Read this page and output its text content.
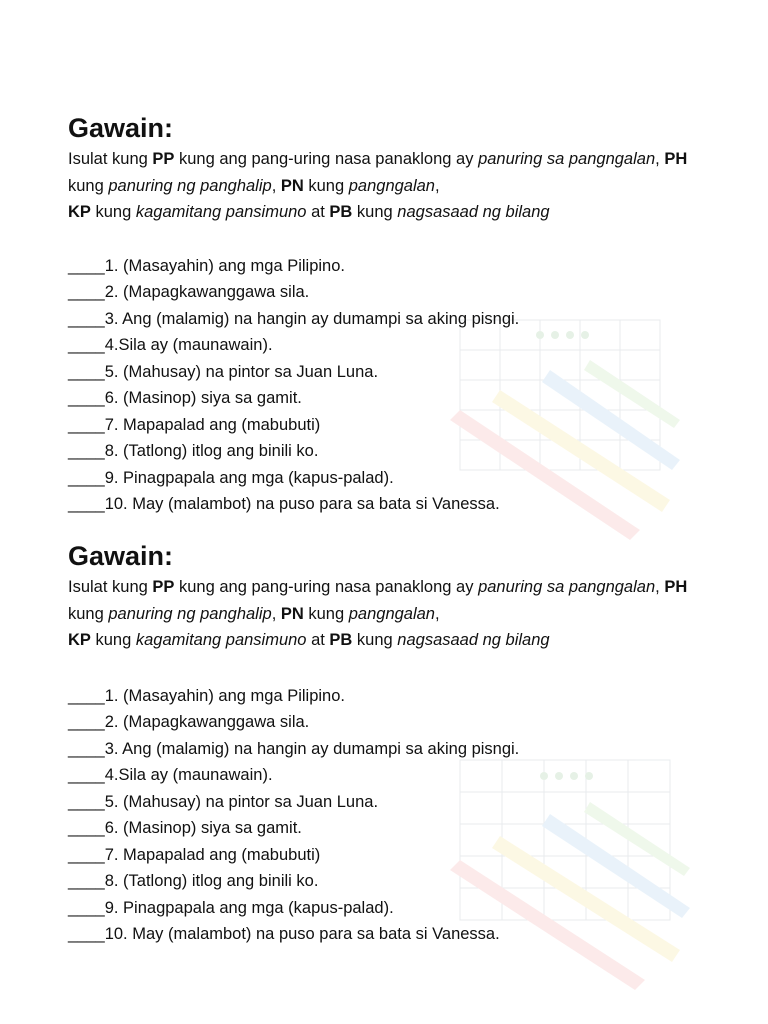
Gawain:

Isulat kung PP kung ang pang-uring nasa panaklong ay panuring sa pangngalan, PH kung panuring ng panghalip, PN kung pangngalan,
KP kung kagamitang pansimuno at PB kung nagsasaad ng bilang

____1. (Masayahin) ang mga Pilipino.
____2. (Mapagkawanggawa sila.
____3. Ang (malamig) na hangin ay dumampi sa aking pisngi.
____4.Sila ay (maunawain).
____5. (Mahusay) na pintor sa Juan Luna.
____6. (Masinop) siya sa gamit.
____7. Mapapalad ang (mabubuti)
____8. (Tatlong) itlog ang binili ko.
____9. Pinagpapala ang mga (kapus-palad).
____10. May (malambot) na puso para sa bata si Vanessa.
Gawain:

Isulat kung PP kung ang pang-uring nasa panaklong ay panuring sa pangngalan, PH kung panuring ng panghalip, PN kung pangngalan,
KP kung kagamitang pansimuno at PB kung nagsasaad ng bilang

____1. (Masayahin) ang mga Pilipino.
____2. (Mapagkawanggawa sila.
____3. Ang (malamig) na hangin ay dumampi sa aking pisngi.
____4.Sila ay (maunawain).
____5. (Mahusay) na pintor sa Juan Luna.
____6. (Masinop) siya sa gamit.
____7. Mapapalad ang (mabubuti)
____8. (Tatlong) itlog ang binili ko.
____9. Pinagpapala ang mga (kapus-palad).
____10. May (malambot) na puso para sa bata si Vanessa.
